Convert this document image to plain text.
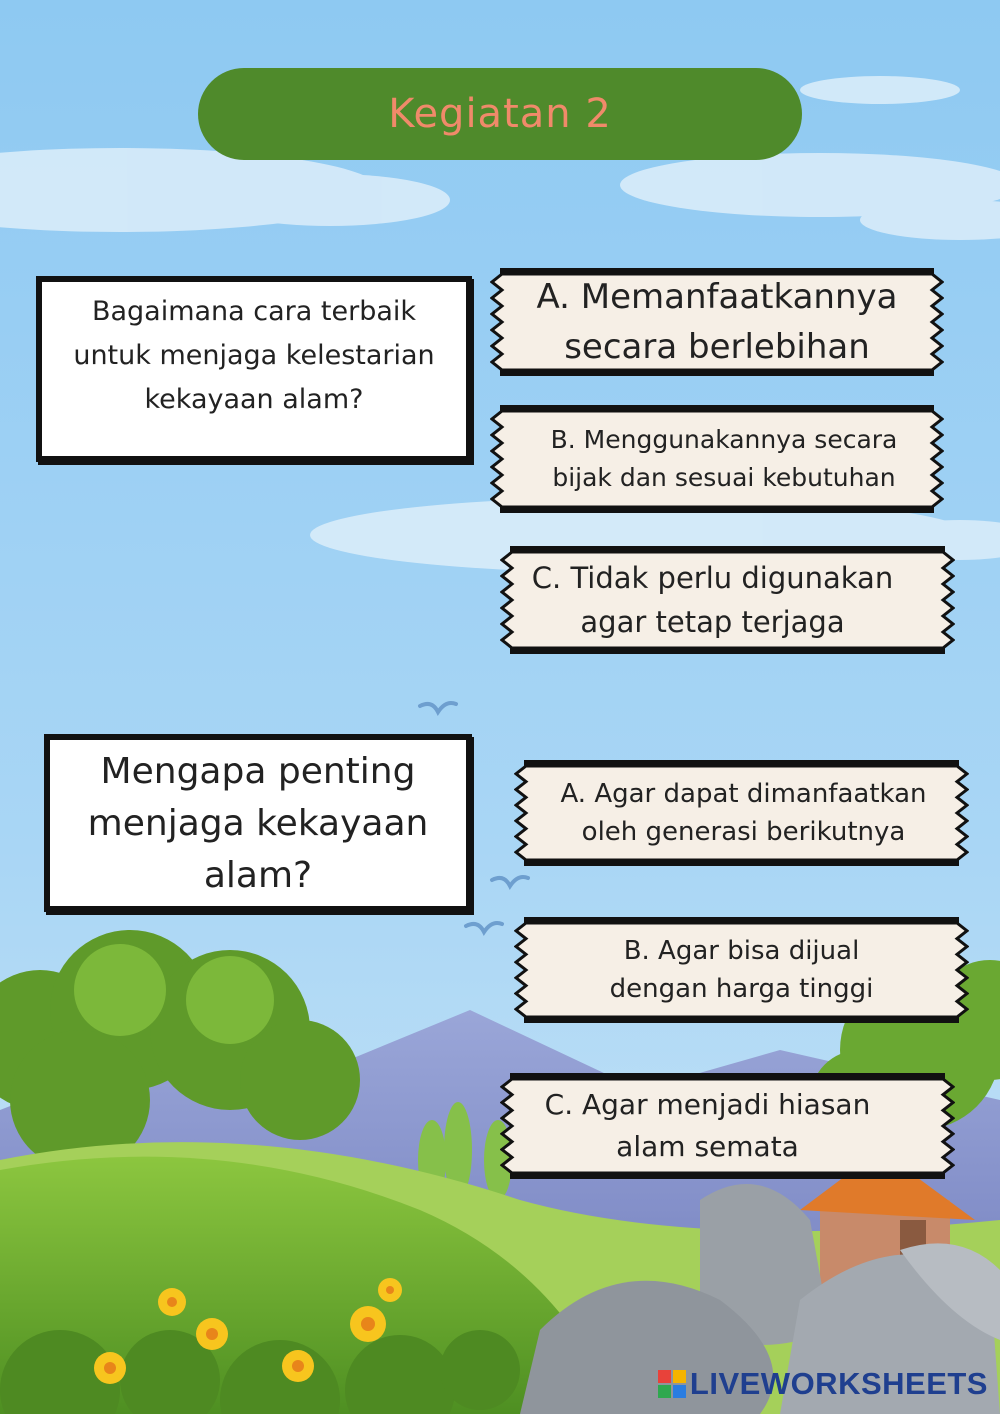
Kegiatan 2
Bagaimana cara terbaik untuk menjaga kelestarian kekayaan alam?
A. Memanfaatkannya secara berlebihan
B. Menggunakannya secara bijak dan sesuai kebutuhan
C. Tidak perlu digunakan agar tetap terjaga
Mengapa penting menjaga kekayaan alam?
A. Agar dapat dimanfaatkan oleh generasi berikutnya
B. Agar bisa dijual dengan harga tinggi
C. Agar menjadi hiasan alam semata
LIVEWORKSHEETS
